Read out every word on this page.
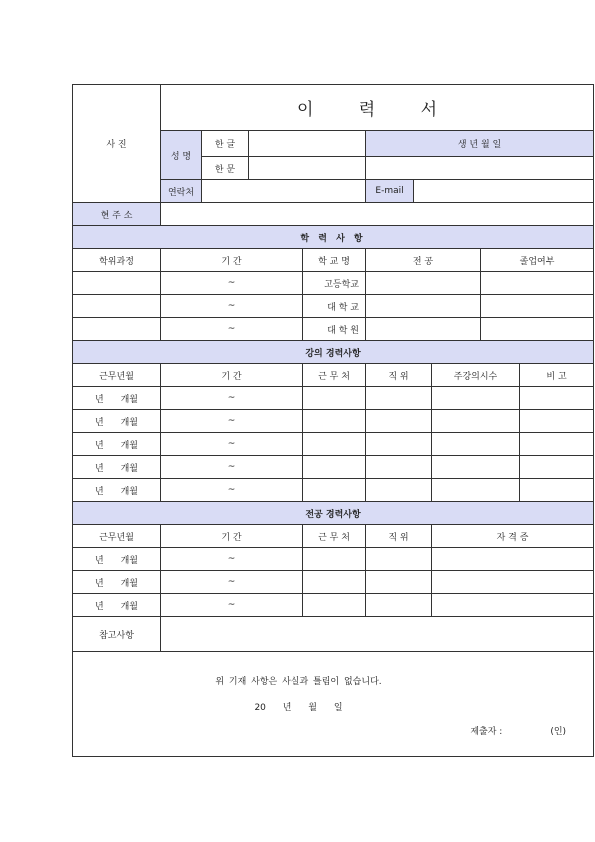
사 진	이 력 서								
	성 명	한 글			생 년 월 일				
		한 문							
	연락처				E-mail				
현 주 소									
학 력 사 항									
학위과정	기 간			학 교 명	전 공			졸업여부	
	~			고등학교					
	~			대 학 교					
	~			대 학 원					
강의 경력사항									
근무년월	기 간			근 무 처	직 위		주강의시수		비 고
년 개월	~								
년 개월	~								
년 개월	~								
년 개월	~								
년 개월	~								
전공 경력사항									
근무년월	기 간			근 무 처	직 위		자 격 증		
년 개월	~								
년 개월	~								
년 개월	~								
참고사항									

위 기재 사항은 사실과 틀림이 없습니다.
20 년 월 일
제출자 : (인)									
